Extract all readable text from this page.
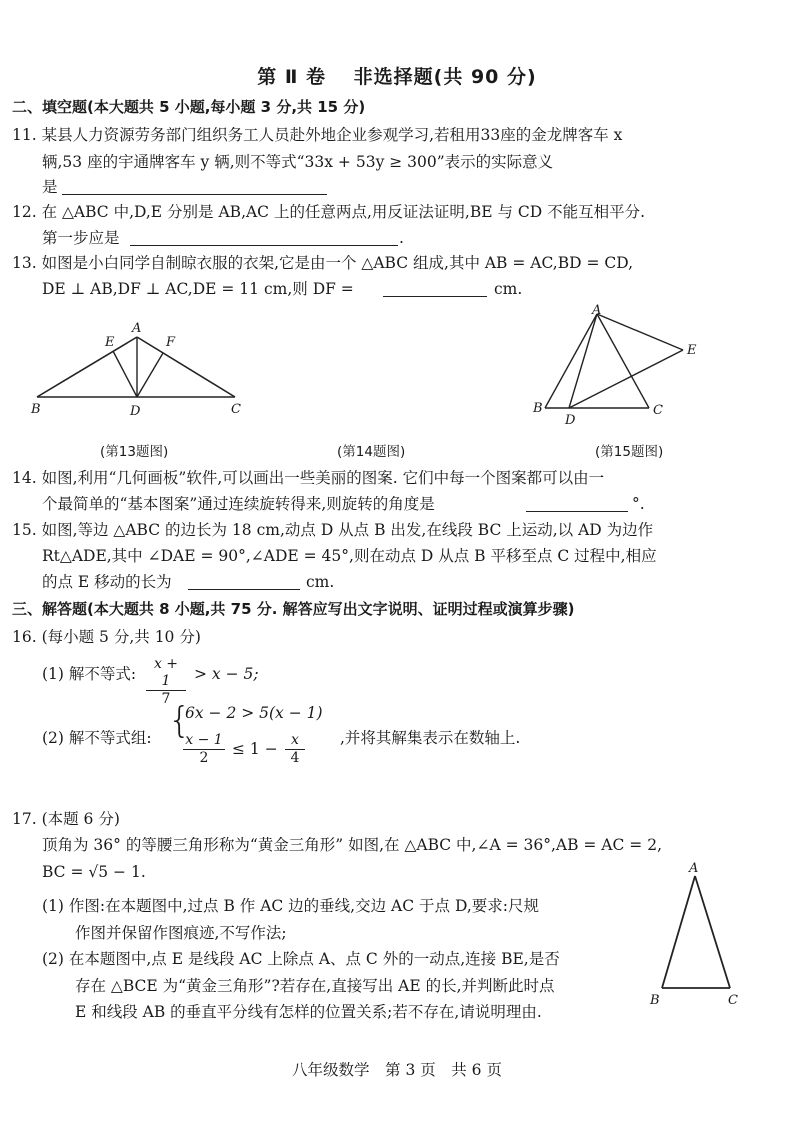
第 Ⅱ 卷　 非选择题(共 90 分)
二、填空题(本大题共 5 小题,每小题 3 分,共 15 分)
11. 某县人力资源劳务部门组织务工人员赴外地企业参观学习,若租用33座的金龙牌客车 x
辆,53 座的宇通牌客车 y 辆,则不等式“33x + 53y ≥ 300”表示的实际意义
是
12. 在 △ABC 中,D,E 分别是 AB,AC 上的任意两点,用反证法证明,BE 与 CD 不能互相平分.
第一步应是	.
13. 如图是小白同学自制晾衣服的衣架,它是由一个 △ABC 组成,其中 AB = AC,BD = CD,
DE ⊥ AB,DF ⊥ AC,DE = 11 cm,则 DF =	cm.
A
E	F
B	D	C
(第13题图)	(第14题图)
A
E
B
D
C
(第15题图)
14. 如图,利用“几何画板”软件,可以画出一些美丽的图案. 它们中每一个图案都可以由一
个最简单的“基本图案”通过连续旋转得来,则旋转的角度是	°.
15. 如图,等边 △ABC 的边长为 18 cm,动点 D 从点 B 出发,在线段 BC 上运动,以 AD 为边作
Rt△ADE,其中 ∠DAE = 90°,∠ADE = 45°,则在动点 D 从点 B 平移至点 C 过程中,相应
的点 E 移动的长为	cm.
三、解答题(本大题共 8 小题,共 75 分. 解答应写出文字说明、证明过程或演算步骤)
16. (每小题 5 分,共 10 分)
(1) 解不等式: $\frac{x + 1}{7} > x - 5$;
(2) 解不等式组: {
6x − 2 > 5(x − 1)
$\frac{x - 1}{2} \le 1 - \frac{x}{4}$ ,并将其解集表示在数轴上.
17. (本题 6 分)
顶角为 36° 的等腰三角形称为“黄金三角形” 如图,在 △ABC 中,∠A = 36°,AB = AC = 2,
BC = √5 − 1.
(1) 作图:在本题图中,过点 B 作 AC 边的垂线,交边 AC 于点 D,要求:尺规
作图并保留作图痕迹,不写作法;
(2) 在本题图中,点 E 是线段 AC 上除点 A、点 C 外的一动点,连接 BE,是否
存在 △BCE 为“黄金三角形”?若存在,直接写出 AE 的长,并判断此时点
E 和线段 AB 的垂直平分线有怎样的位置关系;若不存在,请说明理由.
A
B	C
八年级数学　第 3 页　共 6 页
